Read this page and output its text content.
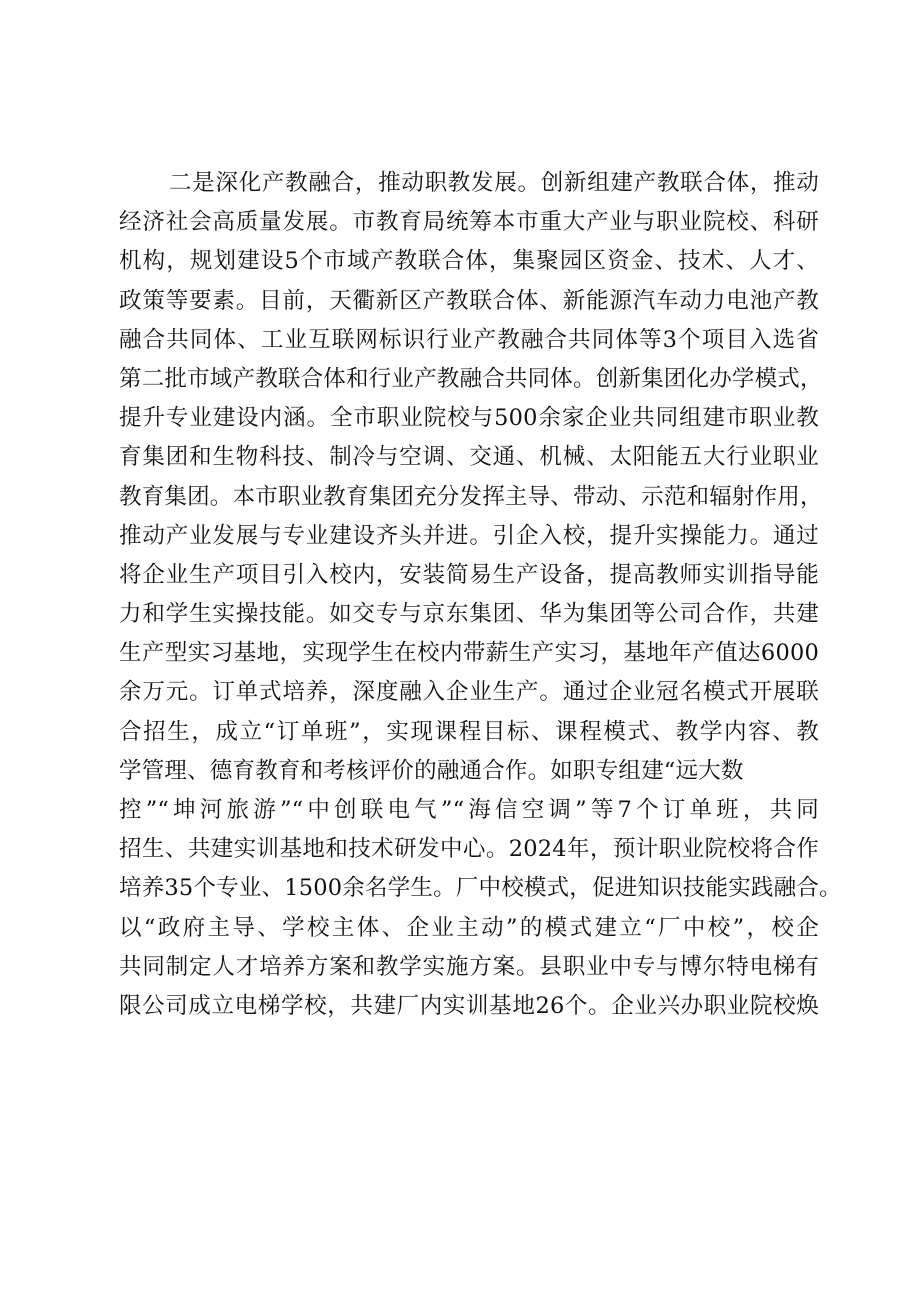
二是深化产教融合，推动职教发展。创新组建产教联合体，推动
经济社会高质量发展。市教育局统筹本市重大产业与职业院校、科研
机构，规划建设5个市域产教联合体，集聚园区资金、技术、人才、
政策等要素。目前，天衢新区产教联合体、新能源汽车动力电池产教
融合共同体、工业互联网标识行业产教融合共同体等3个项目入选省
第二批市域产教联合体和行业产教融合共同体。创新集团化办学模式，
提升专业建设内涵。全市职业院校与500余家企业共同组建市职业教
育集团和生物科技、制冷与空调、交通、机械、太阳能五大行业职业
教育集团。本市职业教育集团充分发挥主导、带动、示范和辐射作用，
推动产业发展与专业建设齐头并进。引企入校，提升实操能力。通过
将企业生产项目引入校内，安装简易生产设备，提高教师实训指导能
力和学生实操技能。如交专与京东集团、华为集团等公司合作，共建
生产型实习基地，实现学生在校内带薪生产实习，基地年产值达6000
余万元。订单式培养，深度融入企业生产。通过企业冠名模式开展联
合招生，成立“订单班”，实现课程目标、课程模式、教学内容、教
学管理、德育教育和考核评价的融通合作。如职专组建“远大数
控”“坤河旅游”“中创联电气”“海信空调”等7个订单班，共同
招生、共建实训基地和技术研发中心。2024年，预计职业院校将合作
培养35个专业、1500余名学生。厂中校模式，促进知识技能实践融合。
以“政府主导、学校主体、企业主动”的模式建立“厂中校”，校企
共同制定人才培养方案和教学实施方案。县职业中专与博尔特电梯有
限公司成立电梯学校，共建厂内实训基地26个。企业兴办职业院校焕
